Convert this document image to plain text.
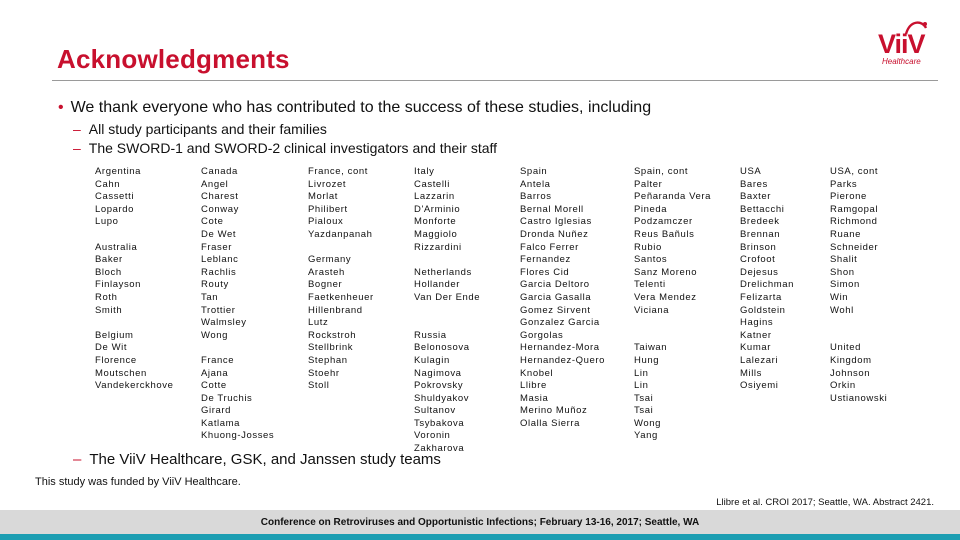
Acknowledgments	ViiV
Healthcare
• We thank everyone who has contributed to the success of these studies, including
– All study participants and their families
– The SWORD-1 and SWORD-2 clinical investigators and their staff
Argentina
Cahn
Cassetti
Lopardo
Lupo
Australia
Baker
Bloch
Finlayson
Roth
Smith
Belgium
De Wit
Florence
Moutschen
Vandekerckhove
Canada
Angel
Charest
Conway
Cote
De Wet
Fraser
Leblanc
Rachlis
Routy
Tan
Trottier
Walmsley
Wong
France
Ajana
Cotte
De Truchis
Girard
Katlama
Khuong-Josses
France, cont
Livrozet
Morlat
Philibert
Pialoux
Yazdanpanah
Germany
Arasteh
Bogner
Faetkenheuer
Hillenbrand
Lutz
Rockstroh
Stellbrink
Stephan
Stoehr
Stoll
Italy
Castelli
Lazzarin
D'Arminio
Monforte
Maggiolo
Rizzardini
Netherlands
Hollander
Van Der Ende
Russia
Belonosova
Kulagin
Nagimova
Pokrovsky
Shuldyakov
Sultanov
Tsybakova
Voronin
Zakharova
Spain
Antela
Barros
Bernal Morell
Castro Iglesias
Dronda Nuñez
Falco Ferrer
Fernandez
Flores Cid
Garcia Deltoro
Garcia Gasalla
Gomez Sirvent
Gonzalez Garcia
Gorgolas
Hernandez-Mora
Hernandez-Quero
Knobel
Llibre
Masia
Merino Muñoz
Olalla Sierra
Spain, cont
Palter
Peñaranda Vera
Pineda
Podzamczer
Reus Bañuls
Rubio
Santos
Sanz Moreno
Telenti
Vera Mendez
Viciana
Taiwan
Hung
Lin
Lin
Tsai
Tsai
Wong
Yang
USA
Bares
Baxter
Bettacchi
Bredeek
Brennan
Brinson
Crofoot
Dejesus
Drelichman
Felizarta
Goldstein
Hagins
Katner
Kumar
Lalezari
Mills
Osiyemi
USA, cont
Parks
Pierone
Ramgopal
Richmond
Ruane
Schneider
Shalit
Shon
Simon
Win
Wohl
United
Kingdom
Johnson
Orkin
Ustianowski
– The ViiV Healthcare, GSK, and Janssen study teams
This study was funded by ViiV Healthcare.
Llibre et al. CROI 2017; Seattle, WA. Abstract 2421.
Conference on Retroviruses and Opportunistic Infections; February 13-16, 2017; Seattle, WA
